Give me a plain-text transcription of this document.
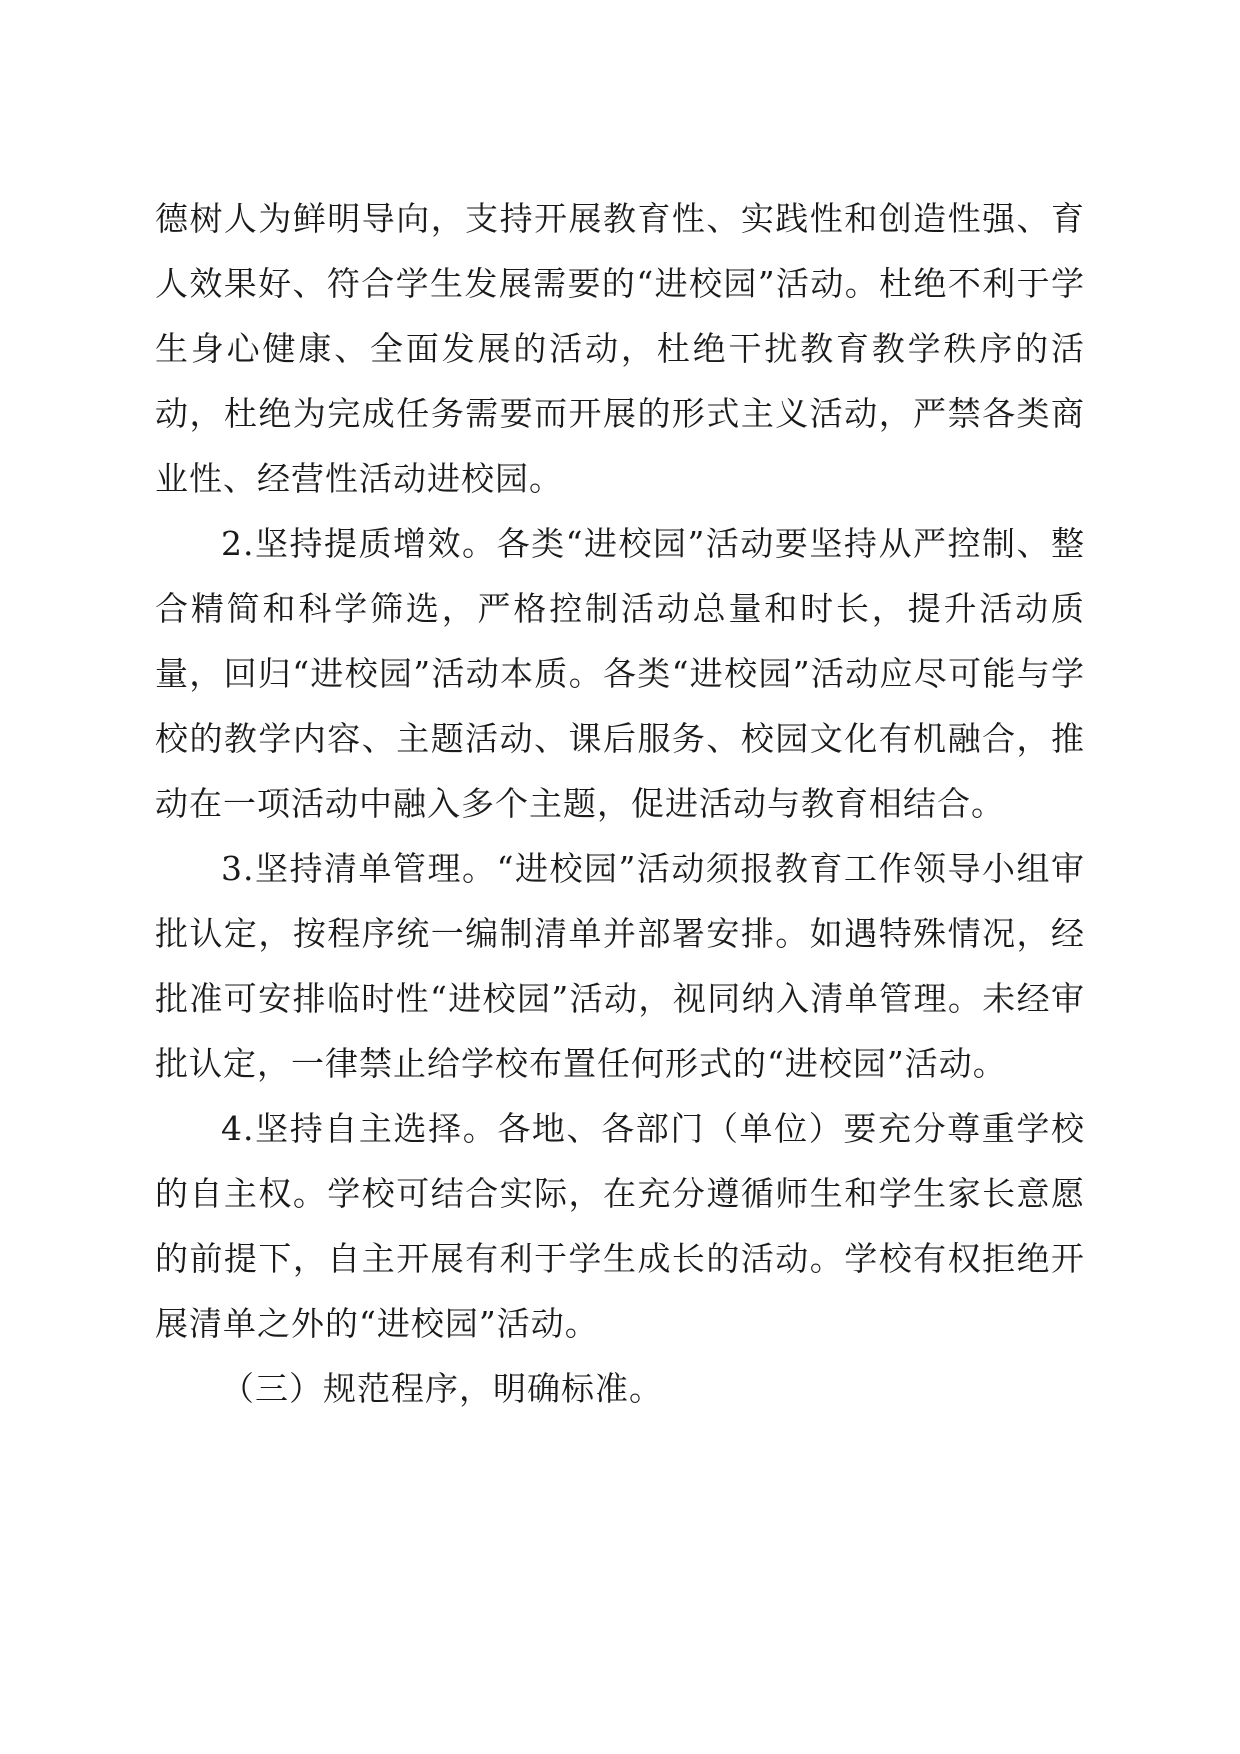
德树人为鲜明导向，支持开展教育性、实践性和创造性强、育人效果好、符合学生发展需要的“进校园”活动。杜绝不利于学生身心健康、全面发展的活动，杜绝干扰教育教学秩序的活动，杜绝为完成任务需要而开展的形式主义活动，严禁各类商业性、经营性活动进校园。

2.坚持提质增效。各类“进校园”活动要坚持从严控制、整合精简和科学筛选，严格控制活动总量和时长，提升活动质量，回归“进校园”活动本质。各类“进校园”活动应尽可能与学校的教学内容、主题活动、课后服务、校园文化有机融合，推动在一项活动中融入多个主题，促进活动与教育相结合。

3.坚持清单管理。“进校园”活动须报教育工作领导小组审批认定，按程序统一编制清单并部署安排。如遇特殊情况，经批准可安排临时性“进校园”活动，视同纳入清单管理。未经审批认定，一律禁止给学校布置任何形式的“进校园”活动。

4.坚持自主选择。各地、各部门（单位）要充分尊重学校的自主权。学校可结合实际，在充分遵循师生和学生家长意愿的前提下，自主开展有利于学生成长的活动。学校有权拒绝开展清单之外的“进校园”活动。

（三）规范程序，明确标准。
